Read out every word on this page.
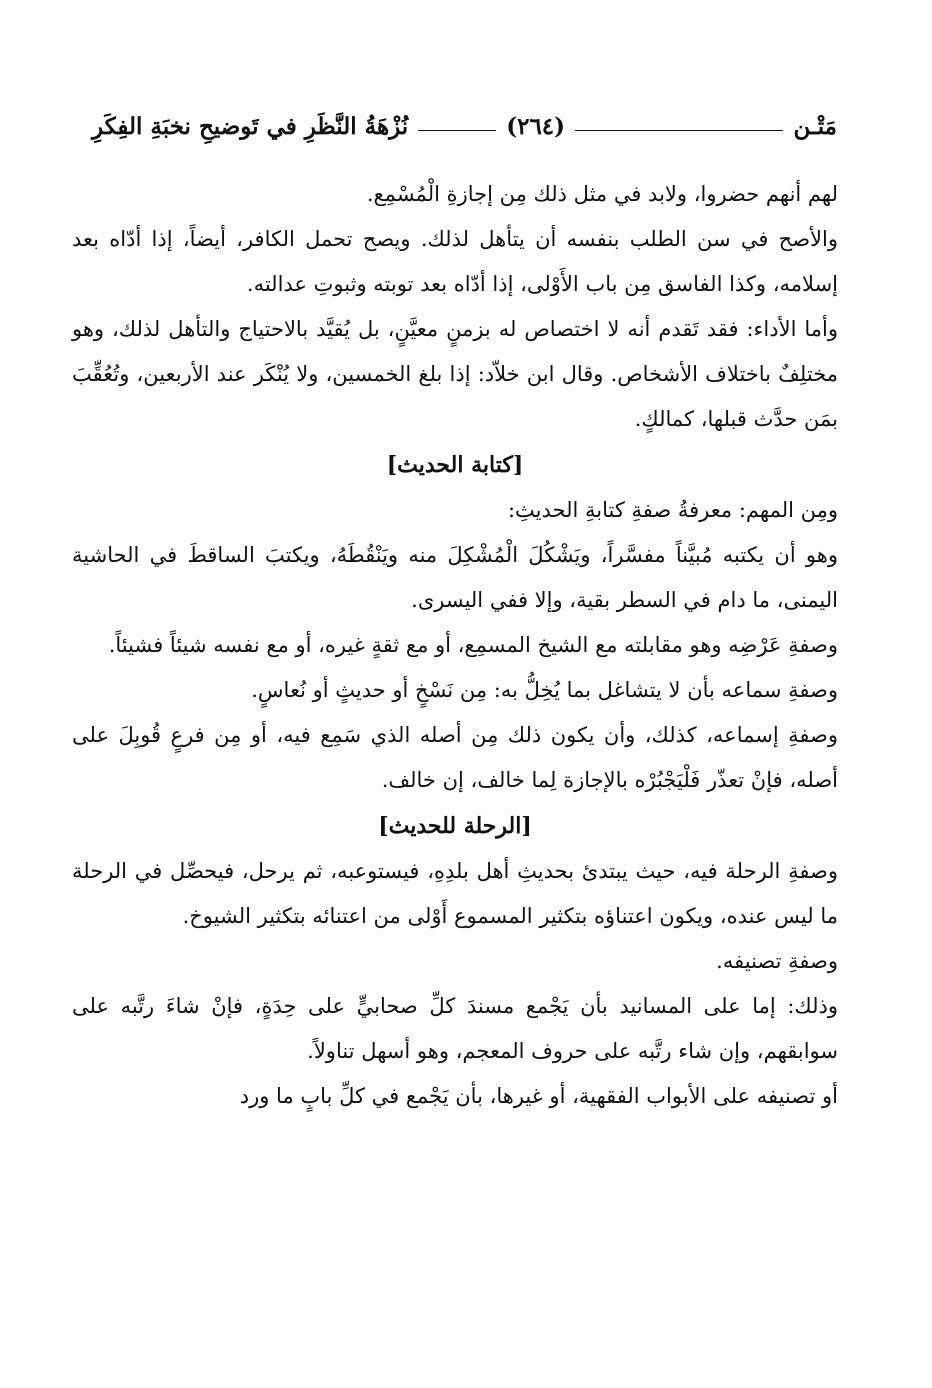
مَتْـن
(٢٦٤)
نُزْهَةُ النَّظَرِ في تَوضيحِ نخبَةِ الفِكَرِ

لهم أنهم حضروا، ولابد في مثل ذلك مِن إجازةِ الْمُسْمِع.

والأصح في سن الطلب بنفسه أن يتأهل لذلك. ويصح تحمل الكافر، أيضاً، إذا أدّاه بعد إسلامه، وكذا الفاسق مِن باب الأَوْلى، إذا أدّاه بعد توبته وثبوتِ عدالته.

وأما الأداء: فقد تَقدم أنه لا اختصاص له بزمنٍ معيَّنٍ، بل يُقيَّد بالاحتياج والتأهل لذلك، وهو مختلِفٌ باختلاف الأشخاص. وقال ابن خلاّد: إذا بلغ الخمسين، ولا يُنْكَر عند الأربعين، وتُعُقِّبَ بمَن حدَّث قبلها، كمالكٍ.

[كتابة الحديث]

ومِن المهم: معرفةُ صفةِ كتابةِ الحديثِ:

وهو أن يكتبه مُبيَّناً مفسَّراً، ويَشْكُلَ الْمُشْكِلَ منه ويَنْقُطَهُ، ويكتبَ الساقطَ في الحاشية اليمنى، ما دام في السطر بقية، وإلا ففي اليسرى.

وصفةِ عَرْضِه وهو مقابلته مع الشيخ المسمِع، أو مع ثقةٍ غيره، أو مع نفسه شيئاً فشيئاً.

وصفةِ سماعه بأن لا يتشاغل بما يُخِلُّ به: مِن نَسْخٍ أو حديثٍ أو نُعاسٍ.

وصفةِ إسماعه، كذلك، وأن يكون ذلك مِن أصله الذي سَمِع فيه، أو مِن فرعٍ قُوبِلَ على أصله، فإنْ تعذّر فَلْيَجْبُرْه بالإجازة لِما خالف، إن خالف.

[الرحلة للحديث]

وصفةِ الرحلة فيه، حيث يبتدئ بحديثِ أهل بلدِهِ، فيستوعبه، ثم يرحل، فيحصِّل في الرحلة ما ليس عنده، ويكون اعتناؤه بتكثير المسموع أَوْلى من اعتنائه بتكثير الشيوخ.

وصفةِ تصنيفه.

وذلك: إما على المسانيد بأن يَجْمع مسندَ كلِّ صحابيٍّ على حِدَةٍ، فإنْ شاءَ رتَّبه على سوابقهم، وإن شاء رتَّبه على حروف المعجم، وهو أسهل تناولاً.

أو تصنيفه على الأبواب الفقهية، أو غيرها، بأن يَجْمع في كلِّ بابٍ ما ورد
